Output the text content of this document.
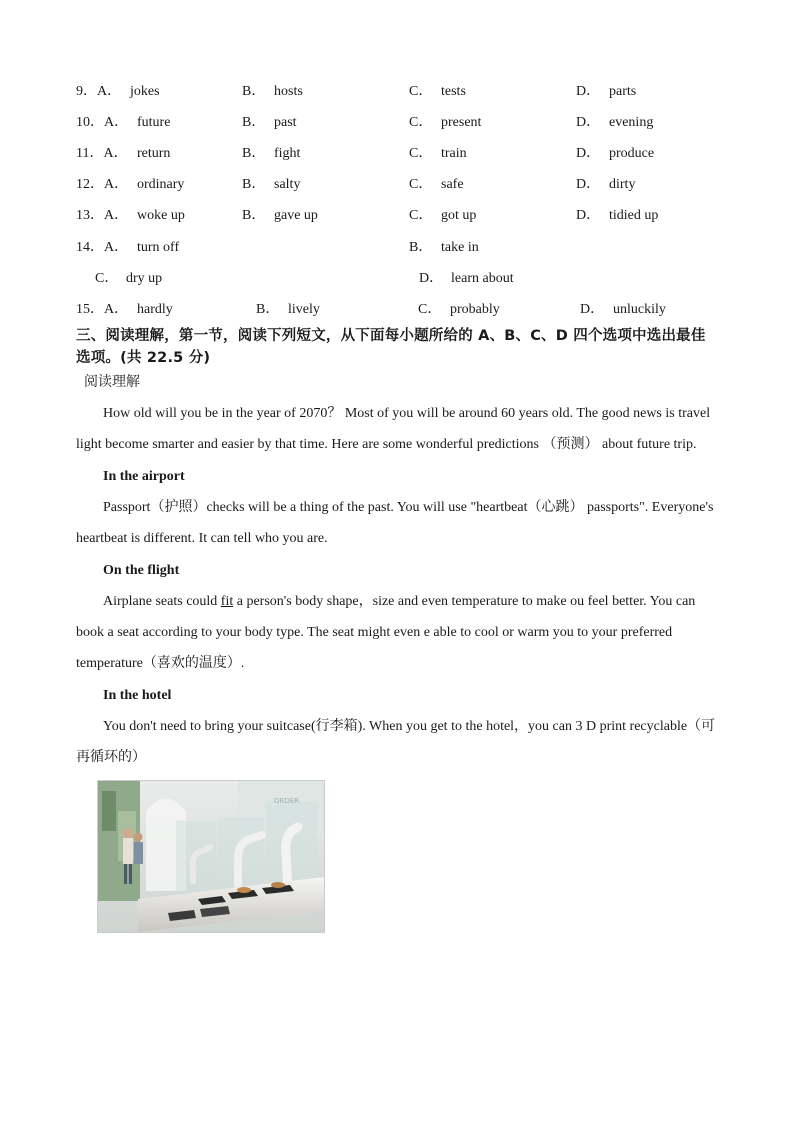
9．A． jokes	B． hosts	C． tests	D． parts
10．A． future	B． past	C． present	D． evening
11．A． return	B． fight	C． train	D． produce
12．A． ordinary	B． salty	C． safe	D． dirty
13．A． woke up	B． gave up	C． got up	D． tidied up
14．A． turn off	B． take in
C． dry up	D． learn about
15．A． hardly	B． lively	C． probably	D． unluckily
三、阅读理解，第一节，阅读下列短文，从下面每小题所给的 A、B、C、D 四个选项中选出最佳
选项。(共 22.5 分)
阅读理解
How old will you be in the year of 2070？ Most of you will be around 60 years old. The good news is travel
light become smarter and easier by that time. Here are some wonderful predictions （预测） about future trip.
In the airport
Passport（护照）checks will be a thing of the past. You will use "heartbeat（心跳） passports". Everyone's
heartbeat is different. It can tell who you are.
On the flight
Airplane seats could fit a person's body shape，size and even temperature to make ou feel better. You can
book a seat according to your body type. The seat might even e able to cool or warm you to your preferred
temperature（喜欢的温度）.
In the hotel
You don't need to bring your suitcase(行李箱). When you get to the hotel，you can 3 D print recyclable（可
再循环的）
ORDER
